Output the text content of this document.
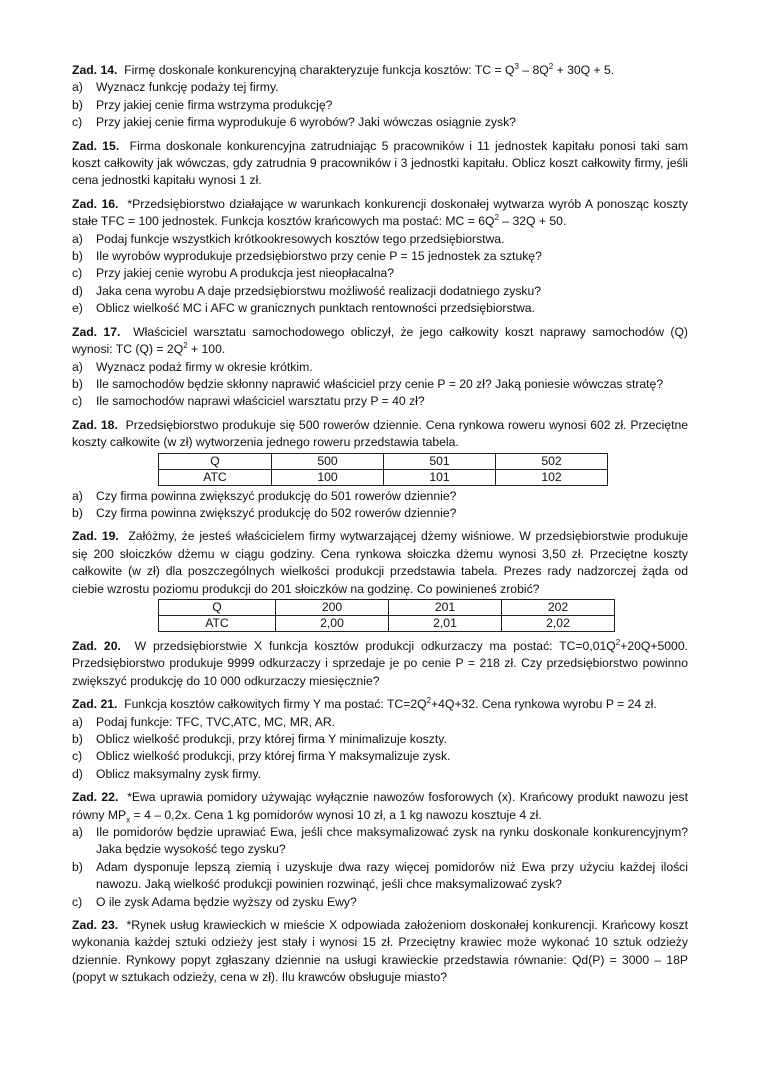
Zad. 14. Firmę doskonale konkurencyjną charakteryzuje funkcja kosztów: TC = $Q^3 - 8Q^2 + 30Q + 5$.

a) Wyznacz funkcję podaży tej firmy.
b) Przy jakiej cenie firma wstrzyma produkcję?
c) Przy jakiej cenie firma wyprodukuje 6 wyrobów? Jaki wówczas osiągnie zysk?

Zad. 15. Firma doskonale konkurencyjna zatrudniając 5 pracowników i 11 jednostek kapitału ponosi taki sam koszt całkowity jak wówczas, gdy zatrudnia 9 pracowników i 3 jednostki kapitału. Oblicz koszt całkowity firmy, jeśli cena jednostki kapitału wynosi 1 zł.

Zad. 16. *Przedsiębiorstwo działające w warunkach konkurencji doskonałej wytwarza wyrób A ponosząc koszty stałe TFC = 100 jednostek. Funkcja kosztów krańcowych ma postać: MC = $6Q^2 - 32Q + 50$.

a) Podaj funkcje wszystkich krótkookresowych kosztów tego przedsiębiorstwa.
b) Ile wyrobów wyprodukuje przedsiębiorstwo przy cenie P = 15 jednostek za sztukę?
c) Przy jakiej cenie wyrobu A produkcja jest nieopłacalna?
d) Jaka cena wyrobu A daje przedsiębiorstwu możliwość realizacji dodatniego zysku?
e) Oblicz wielkość MC i AFC w granicznych punktach rentowności przedsiębiorstwa.

Zad. 17. Właściciel warsztatu samochodowego obliczył, że jego całkowity koszt naprawy samochodów (Q) wynosi: TC $(Q) = 2Q^2 + 100$.

a) Wyznacz podaż firmy w okresie krótkim.
b) Ile samochodów będzie skłonny naprawić właściciel przy cenie P = 20 zł? Jaką poniesie wówczas stratę?
c) Ile samochodów naprawi właściciel warsztatu przy P = 40 zł?

Zad. 18. Przedsiębiorstwo produkuje się 500 rowerów dziennie. Cena rynkowa roweru wynosi 602 zł. Przeciętne koszty całkowite (w zł) wytworzenia jednego roweru przedstawia tabela.

Q	500	501	502
ATC	100	101	102
a) Czy firma powinna zwiększyć produkcję do 501 rowerów dziennie?
b) Czy firma powinna zwiększyć produkcję do 502 rowerów dziennie?

Zad. 19. Załóżmy, że jesteś właścicielem firmy wytwarzającej dżemy wiśniowe. W przedsiębiorstwie produkuje się 200 słoiczków dżemu w ciągu godziny. Cena rynkowa słoiczka dżemu wynosi 3,50 zł. Przeciętne koszty całkowite (w zł) dla poszczególnych wielkości produkcji przedstawia tabela. Prezes rady nadzorczej żąda od ciebie wzrostu poziomu produkcji do 201 słoiczków na godzinę. Co powinieneś zrobić?

Q	200	201	202
ATC	2,00	2,01	2,02

Zad. 20. W przedsiębiorstwie X funkcja kosztów produkcji odkurzaczy ma postać: $TC=0,01Q^2+20Q+5000$. Przedsiębiorstwo produkuje 9999 odkurzaczy i sprzedaje je po cenie P = 218 zł. Czy przedsiębiorstwo powinno zwiększyć produkcję do 10 000 odkurzaczy miesięcznie?

Zad. 21. Funkcja kosztów całkowitych firmy Y ma postać: $TC=2Q^2+4Q+32$. Cena rynkowa wyrobu P = 24 zł.

a) Podaj funkcje: TFC, TVC,ATC, MC, MR, AR.
b) Oblicz wielkość produkcji, przy której firma Y minimalizuje koszty.
c) Oblicz wielkość produkcji, przy której firma Y maksymalizuje zysk.
d) Oblicz maksymalny zysk firmy.

Zad. 22. *Ewa uprawia pomidory używając wyłącznie nawozów fosforowych (x). Krańcowy produkt nawozu jest równy $MP_x = 4 - 0,2x$. Cena 1 kg pomidorów wynosi 10 zł, a 1 kg nawozu kosztuje 4 zł.

a) Ile pomidorów będzie uprawiać Ewa, jeśli chce maksymalizować zysk na rynku doskonale konkurencyjnym? Jaka będzie wysokość tego zysku?
b) Adam dysponuje lepszą ziemią i uzyskuje dwa razy więcej pomidorów niż Ewa przy użyciu każdej ilości nawozu. Jaką wielkość produkcji powinien rozwinąć, jeśli chce maksymalizować zysk?
c) O ile zysk Adama będzie wyższy od zysku Ewy?

Zad. 23. *Rynek usług krawieckich w mieście X odpowiada założeniom doskonałej konkurencji. Krańcowy koszt wykonania każdej sztuki odzieży jest stały i wynosi 15 zł. Przeciętny krawiec może wykonać 10 sztuk odzieży dziennie. Rynkowy popyt zgłaszany dziennie na usługi krawieckie przedstawia równanie: Qd(P) = 3000 – 18P (popyt w sztukach odzieży, cena w zł). Ilu krawców obsługuje miasto?
